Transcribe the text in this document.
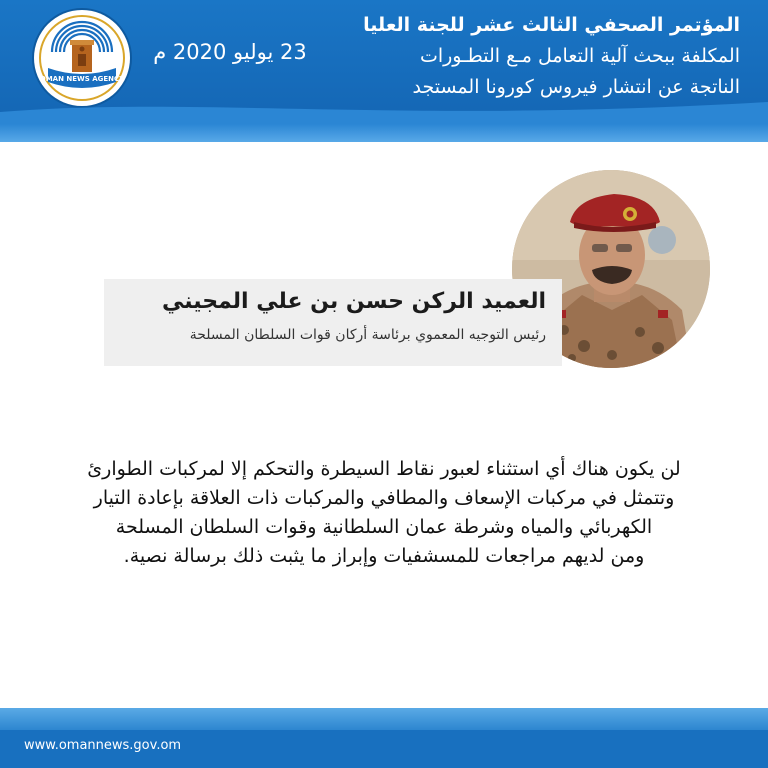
OMAN NEWS AGENCY
23 يوليو 2020 م
المؤتمر الصحفي الثالث عشر للجنة العليا
المكلفة ببحث آلية التعامل مـع التطـورات
الناتجة عن انتشار فيروس كورونا المستجد
العميد الركن حسن بن علي المجيني
رئيس التوجيه المعموي برئاسة أركان قوات السلطان المسلحة
لن يكون هناك أي استثناء لعبور نقاط السيطرة والتحكم إلا لمركبات الطوارئ
وتتمثل في مركبات الإسعاف والمطافي والمركبات ذات العلاقة بإعادة التيار
الكهربائي والمياه وشرطة عمان السلطانية وقوات السلطان المسلحة
ومن لديهم مراجعات للمسشفيات وإبراز ما يثبت ذلك برسالة نصية.
www.omannews.gov.om
